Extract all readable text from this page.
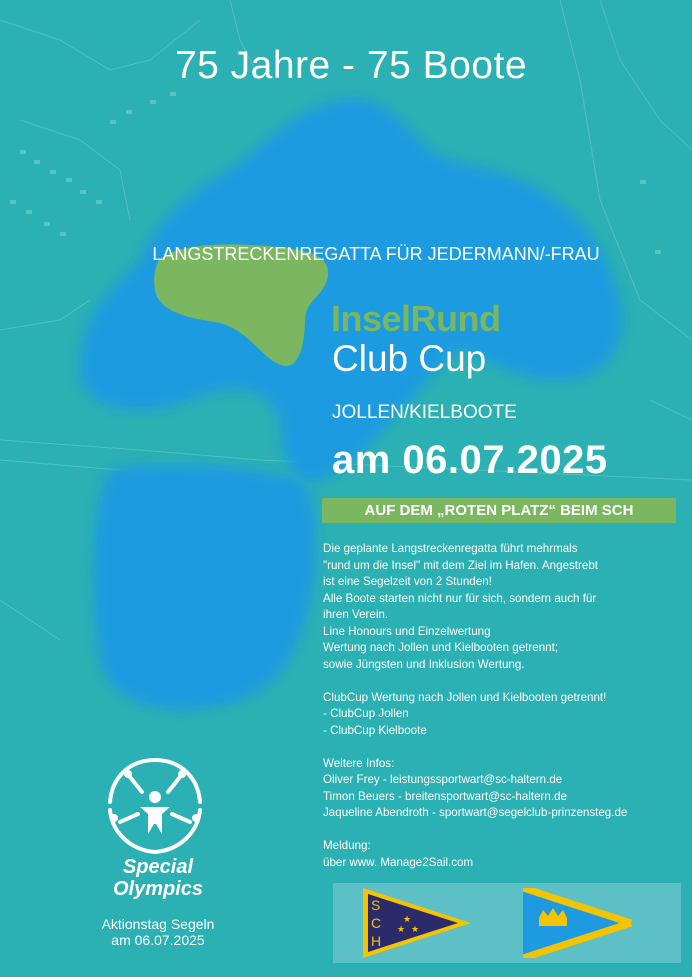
75 Jahre - 75 Boote
LANGSTRECKENREGATTA FÜR JEDERMANN/-FRAU
InselRund
Club Cup
JOLLEN/KIELBOOTE
am 06.07.2025
AUF DEM „ROTEN PLATZ“ BEIM SCH
Die geplante Langstreckenregatta führt mehrmals
"rund um die Insel" mit dem Ziel im Hafen. Angestrebt
ist eine Segelzeit von 2 Stunden!
Alle Boote starten nicht nur für sich, sondern auch für
ihren Verein.
Line Honours und Einzelwertung
Wertung nach Jollen und Kielbooten getrennt;
sowie Jüngsten und Inklusion Wertung.
ClubCup Wertung nach Jollen und Kielbooten getrennt!
- ClubCup Jollen
- ClubCup Kielboote
Weitere Infos:
Oliver Frey - leistungssportwart@sc-haltern.de
Timon Beuers - breitensportwart@sc-haltern.de
Jaqueline Abendroth - sportwart@segelclub-prinzensteg.de
Meldung:
über www. Manage2Sail.com
Special
Olympics
Aktionstag Segeln
am 06.07.2025
S
C
H
★
★
★
